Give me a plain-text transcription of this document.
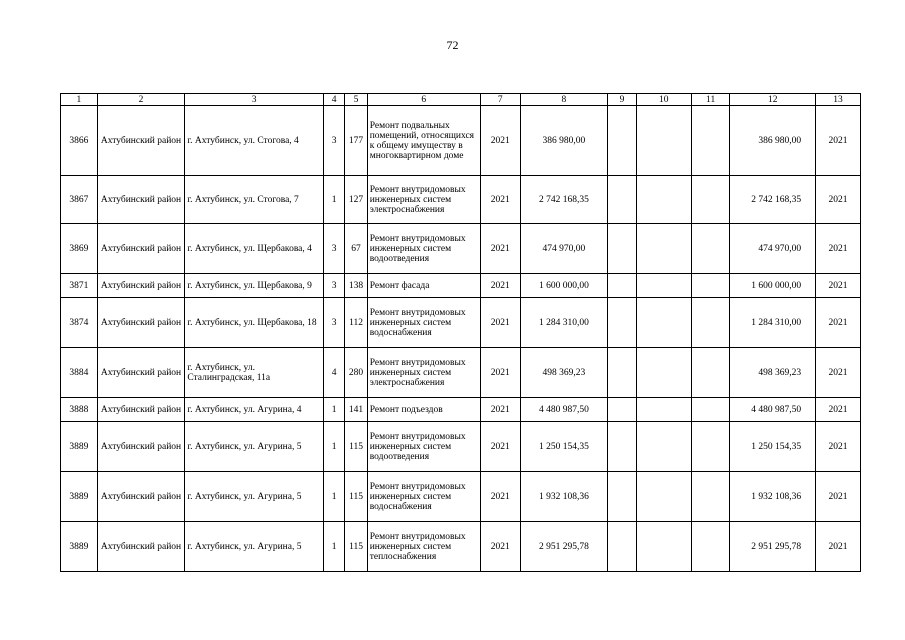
72
1	2	3	4	5	6	7	8	9	10	11	12	13
3866	Ахтубинский район	г. Ахтубинск, ул. Стогова, 4	3	177	Ремонт подвальных помещений, относящихся к общему имуществу в многоквартирном доме	2021	386 980,00				386 980,00	2021
3867	Ахтубинский район	г. Ахтубинск, ул. Стогова, 7	1	127	Ремонт внутридомовых инженерных систем электроснабжения	2021	2 742 168,35				2 742 168,35	2021
3869	Ахтубинский район	г. Ахтубинск, ул. Щербакова, 4	3	67	Ремонт внутридомовых инженерных систем водоотведения	2021	474 970,00				474 970,00	2021
3871	Ахтубинский район	г. Ахтубинск, ул. Щербакова, 9	3	138	Ремонт фасада	2021	1 600 000,00				1 600 000,00	2021
3874	Ахтубинский район	г. Ахтубинск, ул. Щербакова, 18	3	112	Ремонт внутридомовых инженерных систем водоснабжения	2021	1 284 310,00				1 284 310,00	2021
3884	Ахтубинский район	г. Ахтубинск, ул. Сталинградская, 11а	4	280	Ремонт внутридомовых инженерных систем электроснабжения	2021	498 369,23				498 369,23	2021
3888	Ахтубинский район	г. Ахтубинск, ул. Агурина, 4	1	141	Ремонт подъездов	2021	4 480 987,50				4 480 987,50	2021
3889	Ахтубинский район	г. Ахтубинск, ул. Агурина, 5	1	115	Ремонт внутридомовых инженерных систем водоотведения	2021	1 250 154,35				1 250 154,35	2021
3889	Ахтубинский район	г. Ахтубинск, ул. Агурина, 5	1	115	Ремонт внутридомовых инженерных систем водоснабжения	2021	1 932 108,36				1 932 108,36	2021
3889	Ахтубинский район	г. Ахтубинск, ул. Агурина, 5	1	115	Ремонт внутридомовых инженерных систем теплоснабжения	2021	2 951 295,78				2 951 295,78	2021
